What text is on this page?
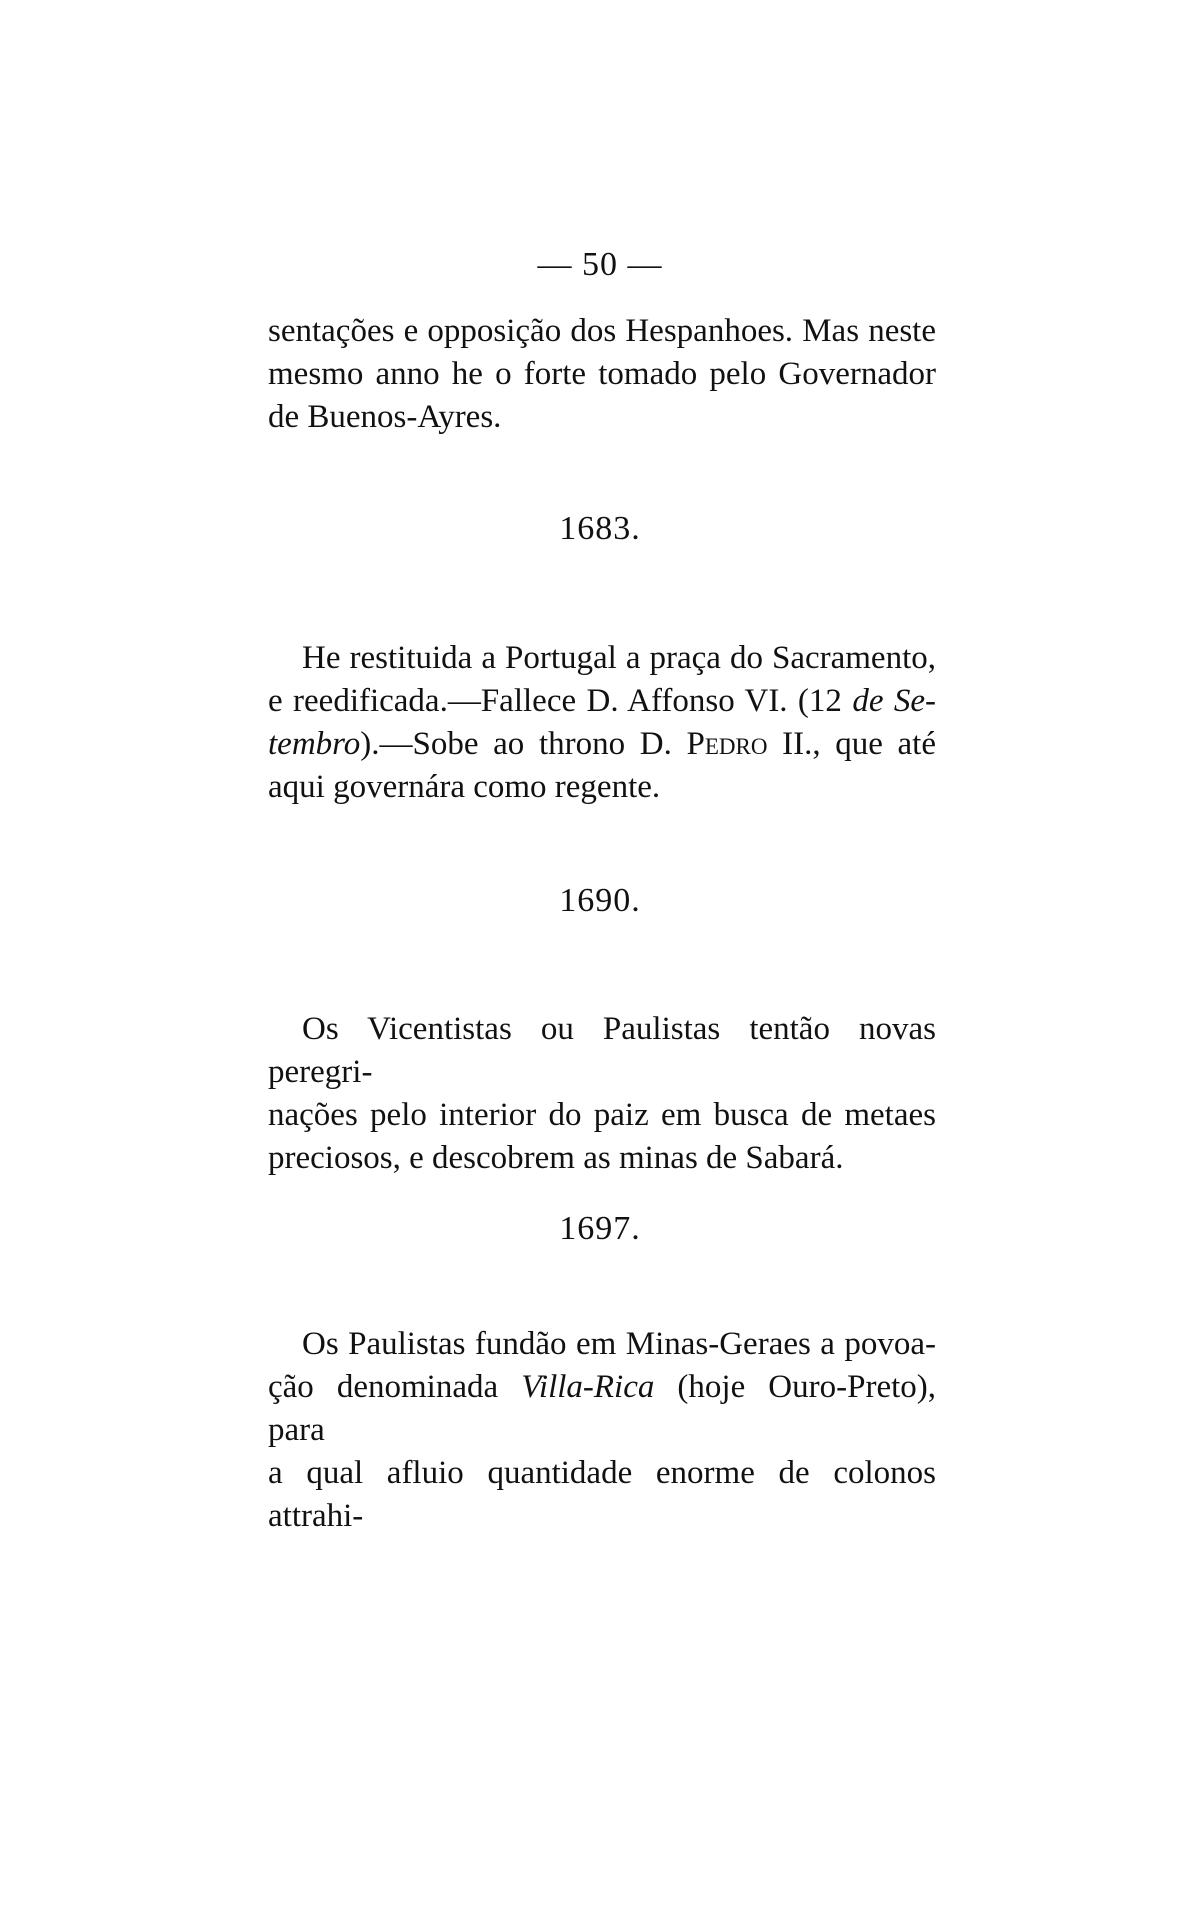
— 50 —
sentações e opposição dos Hespanhoes. Mas neste
mesmo anno he o forte tomado pelo Governador
de Buenos-Ayres.
1683.
He restituida a Portugal a praça do Sacramento,
e reedificada.—Fallece D. Affonso VI. (12 de Se-
tembro).—Sobe ao throno D. Pedro II., que até
aqui governára como regente.
1690.
Os Vicentistas ou Paulistas tentão novas peregri-
nações pelo interior do paiz em busca de metaes
preciosos, e descobrem as minas de Sabará.
1697.
Os Paulistas fundão em Minas-Geraes a povoa-
ção denominada Villa-Rica (hoje Ouro-Preto), para
a qual afluio quantidade enorme de colonos attrahi-
